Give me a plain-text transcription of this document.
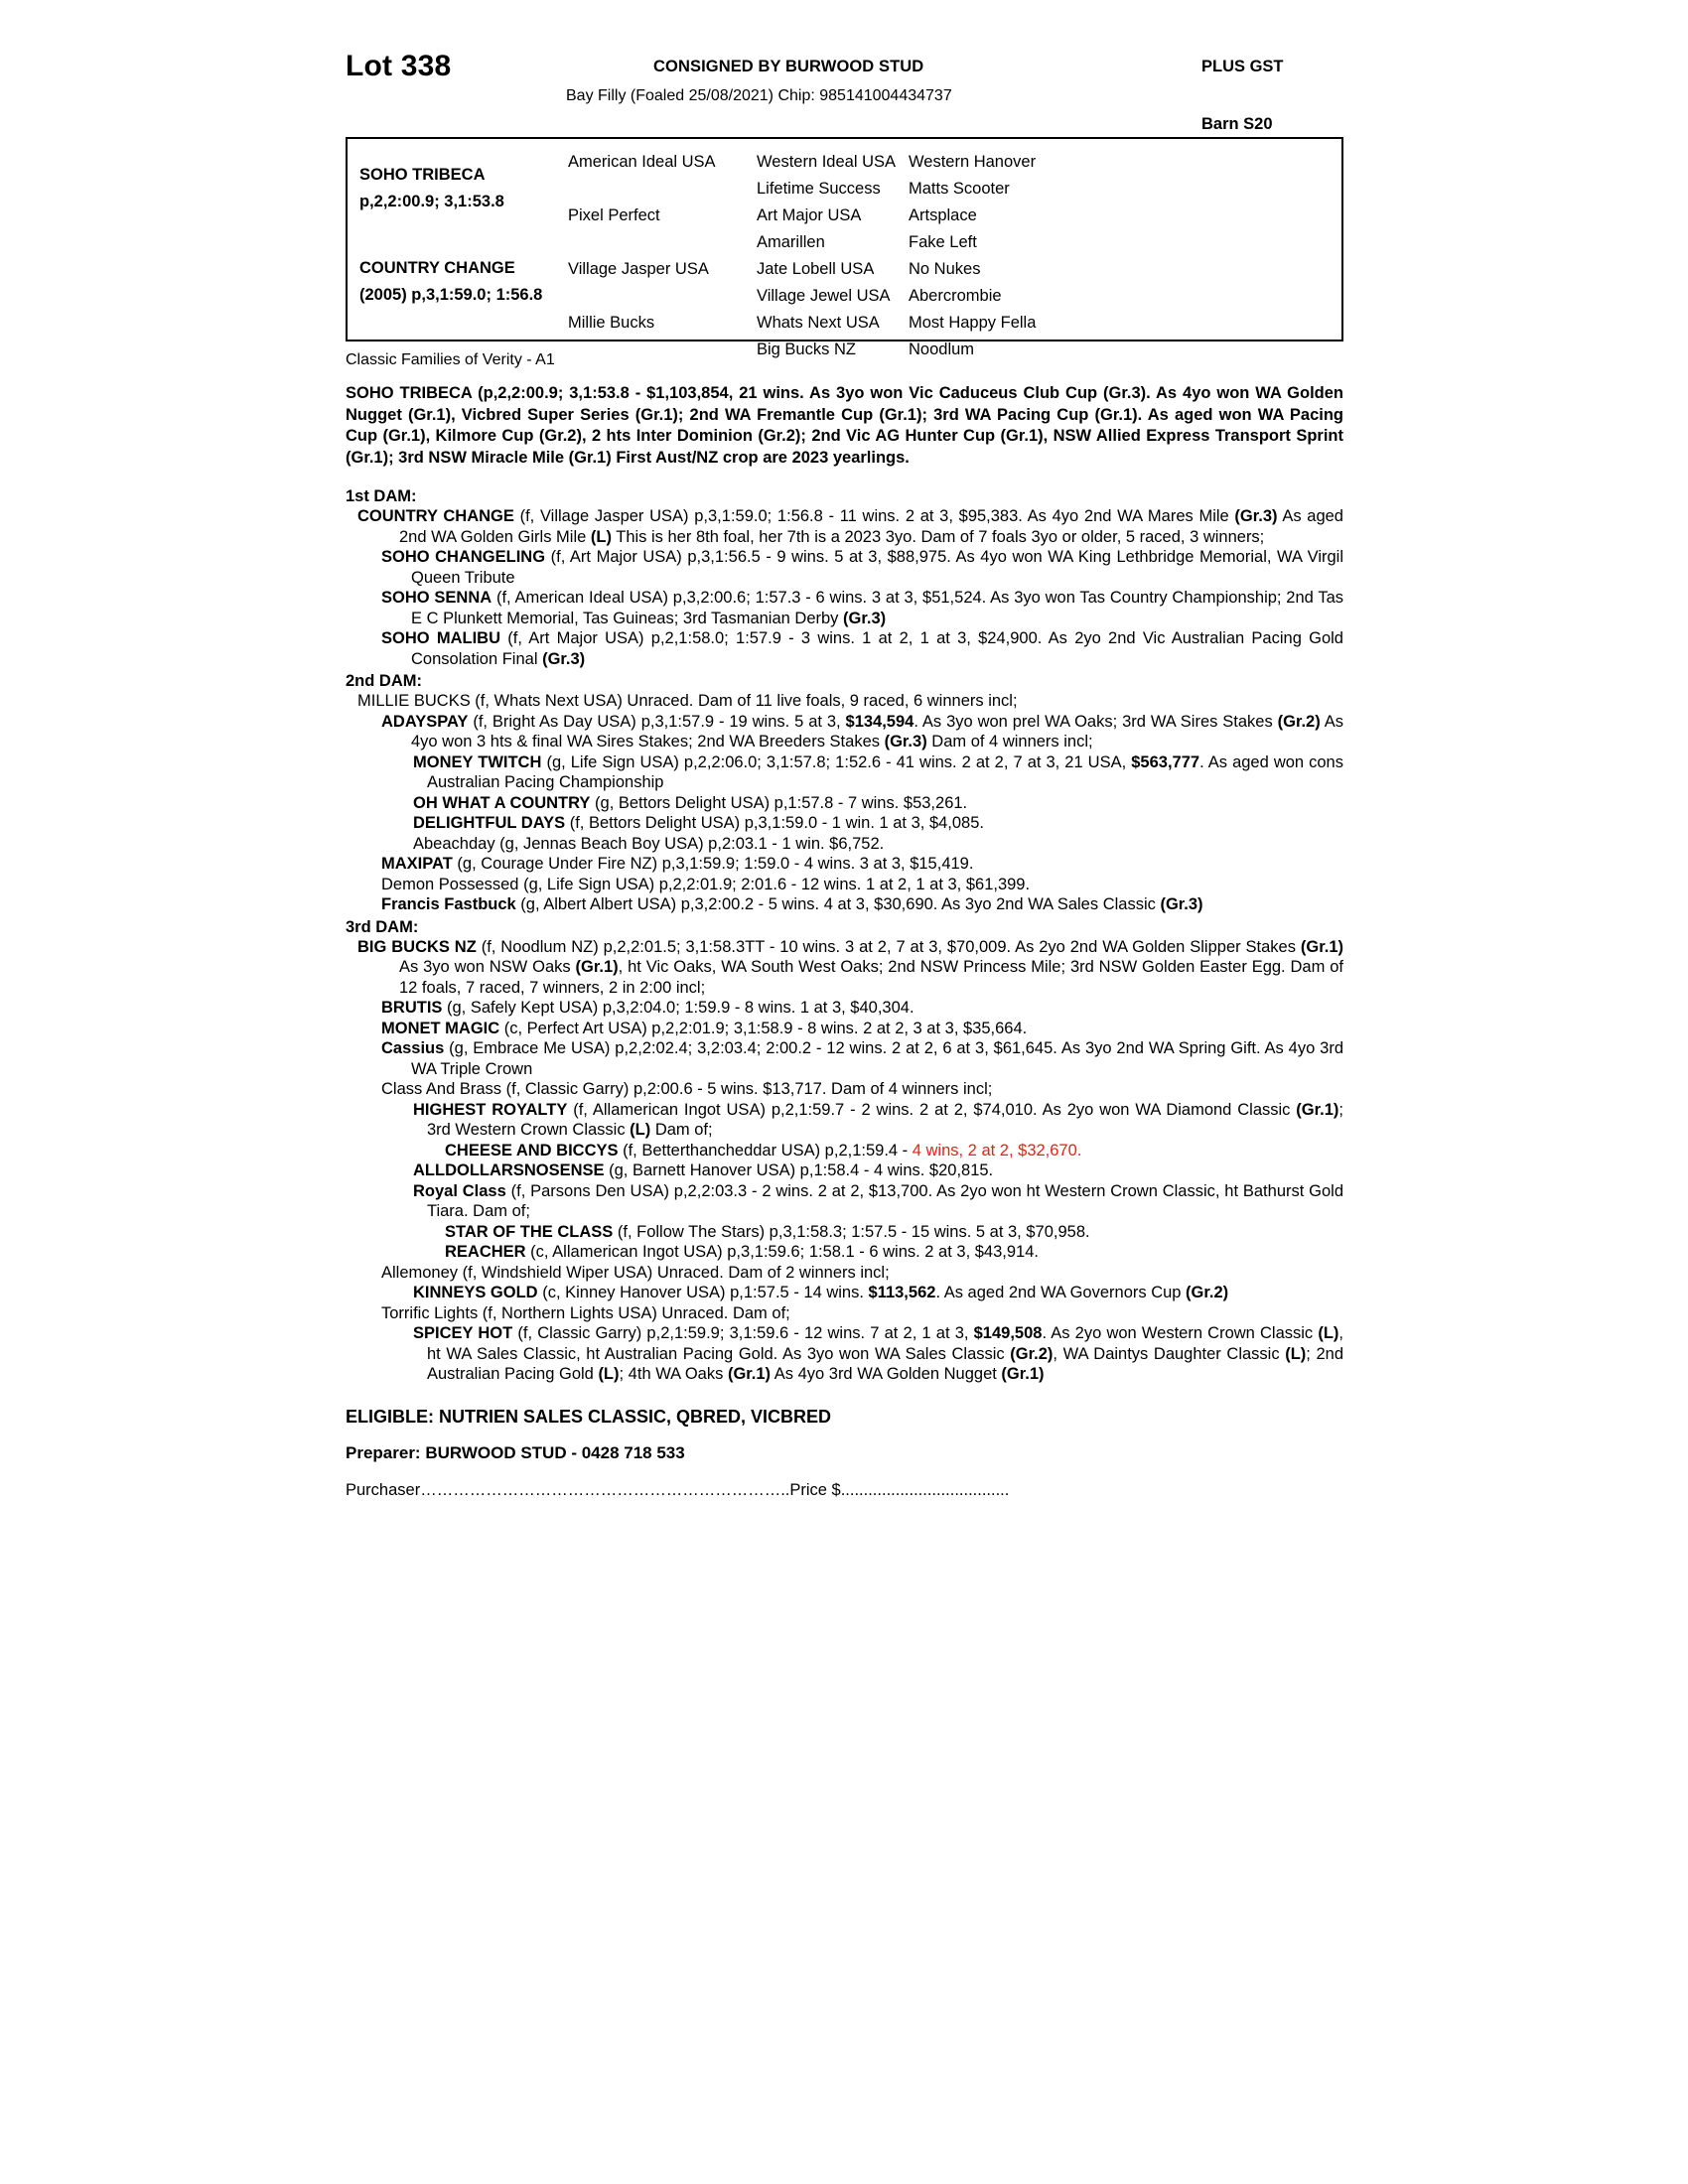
Lot 338	CONSIGNED BY BURWOOD STUD	PLUS GST
Bay Filly (Foaled 25/08/2021) Chip: 985141004434737
Barn S20
SOHO TRIBECA
p,2,2:00.9; 3,1:53.8
COUNTRY CHANGE
(2005) p,3,1:59.0; 1:56.8
American Ideal USA
Pixel Perfect
Village Jasper USA
Millie Bucks
Western Ideal USA
Lifetime Success
Art Major USA
Amarillen
Jate Lobell USA
Village Jewel USA
Whats Next USA
Big Bucks NZ
Western Hanover
Matts Scooter
Artsplace
Fake Left
No Nukes
Abercrombie
Most Happy Fella
Noodlum
Classic Families of Verity - A1
SOHO TRIBECA (p,2,2:00.9; 3,1:53.8 - $1,103,854, 21 wins. As 3yo won Vic Caduceus Club Cup (Gr.3). As 4yo won WA Golden Nugget (Gr.1), Vicbred Super Series (Gr.1); 2nd WA Fremantle Cup (Gr.1); 3rd WA Pacing Cup (Gr.1). As aged won WA Pacing Cup (Gr.1), Kilmore Cup (Gr.2), 2 hts Inter Dominion (Gr.2); 2nd Vic AG Hunter Cup (Gr.1), NSW Allied Express Transport Sprint (Gr.1); 3rd NSW Miracle Mile (Gr.1) First Aust/NZ crop are 2023 yearlings.
1st DAM:
COUNTRY CHANGE (f, Village Jasper USA) p,3,1:59.0; 1:56.8 - 11 wins. 2 at 3, $95,383. As 4yo 2nd WA Mares Mile (Gr.3) As aged 2nd WA Golden Girls Mile (L) This is her 8th foal, her 7th is a 2023 3yo. Dam of 7 foals 3yo or older, 5 raced, 3 winners;
SOHO CHANGELING (f, Art Major USA) p,3,1:56.5 - 9 wins. 5 at 3, $88,975. As 4yo won WA King Lethbridge Memorial, WA Virgil Queen Tribute
SOHO SENNA (f, American Ideal USA) p,3,2:00.6; 1:57.3 - 6 wins. 3 at 3, $51,524. As 3yo won Tas Country Championship; 2nd Tas E C Plunkett Memorial, Tas Guineas; 3rd Tasmanian Derby (Gr.3)
SOHO MALIBU (f, Art Major USA) p,2,1:58.0; 1:57.9 - 3 wins. 1 at 2, 1 at 3, $24,900. As 2yo 2nd Vic Australian Pacing Gold Consolation Final (Gr.3)
2nd DAM:
MILLIE BUCKS (f, Whats Next USA) Unraced. Dam of 11 live foals, 9 raced, 6 winners incl;
ADAYSPAY (f, Bright As Day USA) p,3,1:57.9 - 19 wins. 5 at 3, $134,594. As 3yo won prel WA Oaks; 3rd WA Sires Stakes (Gr.2) As 4yo won 3 hts & final WA Sires Stakes; 2nd WA Breeders Stakes (Gr.3) Dam of 4 winners incl;
MONEY TWITCH (g, Life Sign USA) p,2,2:06.0; 3,1:57.8; 1:52.6 - 41 wins. 2 at 2, 7 at 3, 21 USA, $563,777. As aged won cons Australian Pacing Championship
OH WHAT A COUNTRY (g, Bettors Delight USA) p,1:57.8 - 7 wins. $53,261.
DELIGHTFUL DAYS (f, Bettors Delight USA) p,3,1:59.0 - 1 win. 1 at 3, $4,085.
Abeachday (g, Jennas Beach Boy USA) p,2:03.1 - 1 win. $6,752.
MAXIPAT (g, Courage Under Fire NZ) p,3,1:59.9; 1:59.0 - 4 wins. 3 at 3, $15,419.
Demon Possessed (g, Life Sign USA) p,2,2:01.9; 2:01.6 - 12 wins. 1 at 2, 1 at 3, $61,399.
Francis Fastbuck (g, Albert Albert USA) p,3,2:00.2 - 5 wins. 4 at 3, $30,690. As 3yo 2nd WA Sales Classic (Gr.3)
3rd DAM:
BIG BUCKS NZ (f, Noodlum NZ) p,2,2:01.5; 3,1:58.3TT - 10 wins. 3 at 2, 7 at 3, $70,009. As 2yo 2nd WA Golden Slipper Stakes (Gr.1) As 3yo won NSW Oaks (Gr.1), ht Vic Oaks, WA South West Oaks; 2nd NSW Princess Mile; 3rd NSW Golden Easter Egg. Dam of 12 foals, 7 raced, 7 winners, 2 in 2:00 incl;
BRUTIS (g, Safely Kept USA) p,3,2:04.0; 1:59.9 - 8 wins. 1 at 3, $40,304.
MONET MAGIC (c, Perfect Art USA) p,2,2:01.9; 3,1:58.9 - 8 wins. 2 at 2, 3 at 3, $35,664.
Cassius (g, Embrace Me USA) p,2,2:02.4; 3,2:03.4; 2:00.2 - 12 wins. 2 at 2, 6 at 3, $61,645. As 3yo 2nd WA Spring Gift. As 4yo 3rd WA Triple Crown
Class And Brass (f, Classic Garry) p,2:00.6 - 5 wins. $13,717. Dam of 4 winners incl;
HIGHEST ROYALTY (f, Allamerican Ingot USA) p,2,1:59.7 - 2 wins. 2 at 2, $74,010. As 2yo won WA Diamond Classic (Gr.1); 3rd Western Crown Classic (L) Dam of;
CHEESE AND BICCYS (f, Betterthancheddar USA) p,2,1:59.4 - 4 wins, 2 at 2, $32,670.
ALLDOLLARSNOSENSE (g, Barnett Hanover USA) p,1:58.4 - 4 wins. $20,815.
Royal Class (f, Parsons Den USA) p,2,2:03.3 - 2 wins. 2 at 2, $13,700. As 2yo won ht Western Crown Classic, ht Bathurst Gold Tiara. Dam of;
STAR OF THE CLASS (f, Follow The Stars) p,3,1:58.3; 1:57.5 - 15 wins. 5 at 3, $70,958.
REACHER (c, Allamerican Ingot USA) p,3,1:59.6; 1:58.1 - 6 wins. 2 at 3, $43,914.
Allemoney (f, Windshield Wiper USA) Unraced. Dam of 2 winners incl;
KINNEYS GOLD (c, Kinney Hanover USA) p,1:57.5 - 14 wins. $113,562. As aged 2nd WA Governors Cup (Gr.2)
Torrific Lights (f, Northern Lights USA) Unraced. Dam of;
SPICEY HOT (f, Classic Garry) p,2,1:59.9; 3,1:59.6 - 12 wins. 7 at 2, 1 at 3, $149,508. As 2yo won Western Crown Classic (L), ht WA Sales Classic, ht Australian Pacing Gold. As 3yo won WA Sales Classic (Gr.2), WA Daintys Daughter Classic (L); 2nd Australian Pacing Gold (L); 4th WA Oaks (Gr.1) As 4yo 3rd WA Golden Nugget (Gr.1)
ELIGIBLE: NUTRIEN SALES CLASSIC, QBRED, VICBRED
Preparer: BURWOOD STUD - 0428 718 533
Purchaser…………………………………………………………..Price $.....................................
